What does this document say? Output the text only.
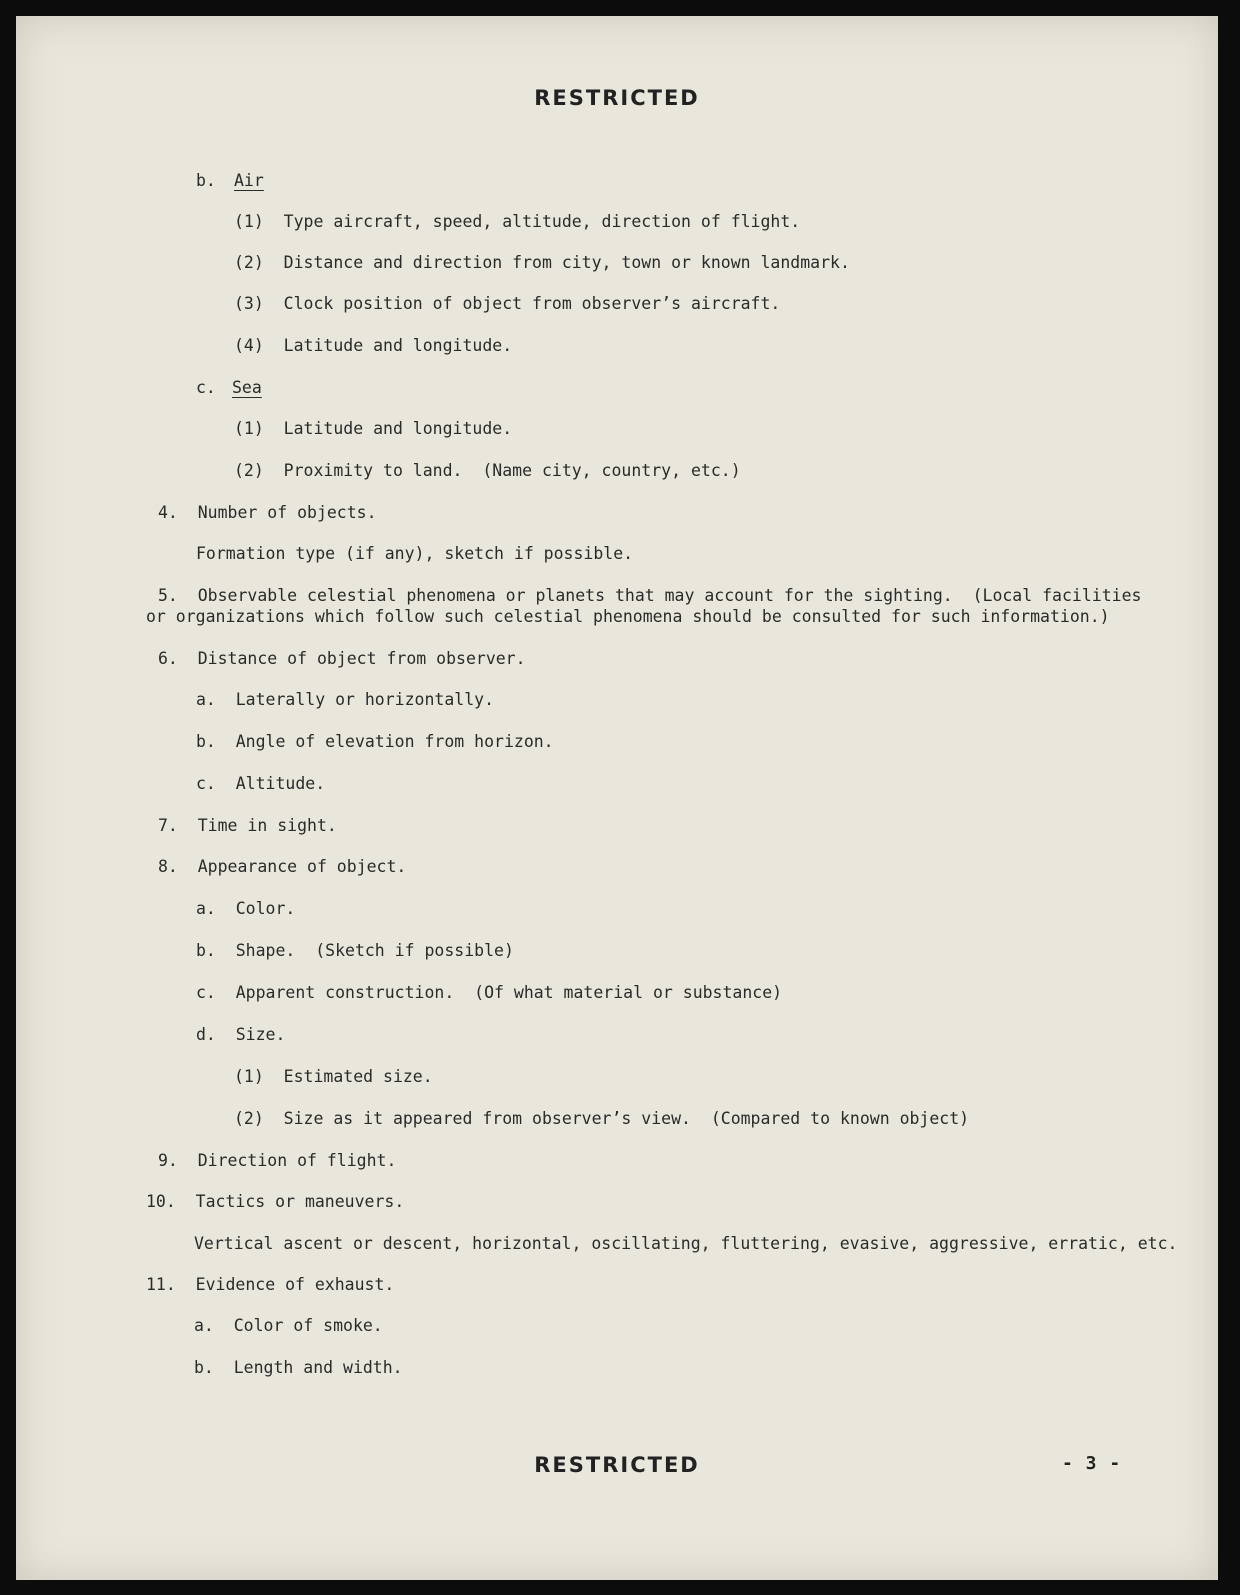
RESTRICTED
b. Air
(1)  Type aircraft, speed, altitude, direction of flight.
(2)  Distance and direction from city, town or known landmark.
(3)  Clock position of object from observer’s aircraft.
(4)  Latitude and longitude.
c. Sea
(1)  Latitude and longitude.
(2)  Proximity to land.  (Name city, country, etc.)
4.  Number of objects.
Formation type (if any), sketch if possible.
5.  Observable celestial phenomena or planets that may account for the sighting.  (Local facilities
or organizations which follow such celestial phenomena should be consulted for such information.)
6.  Distance of object from observer.
a.  Laterally or horizontally.
b.  Angle of elevation from horizon.
c.  Altitude.
7.  Time in sight.
8.  Appearance of object.
a.  Color.
b.  Shape.  (Sketch if possible)
c.  Apparent construction.  (Of what material or substance)
d.  Size.
(1)  Estimated size.
(2)  Size as it appeared from observer’s view.  (Compared to known object)
9.  Direction of flight.
10.  Tactics or maneuvers.
Vertical ascent or descent, horizontal, oscillating, fluttering, evasive, aggressive, erratic, etc.
11.  Evidence of exhaust.
a.  Color of smoke.
b.  Length and width.
RESTRICTED	- 3 -
